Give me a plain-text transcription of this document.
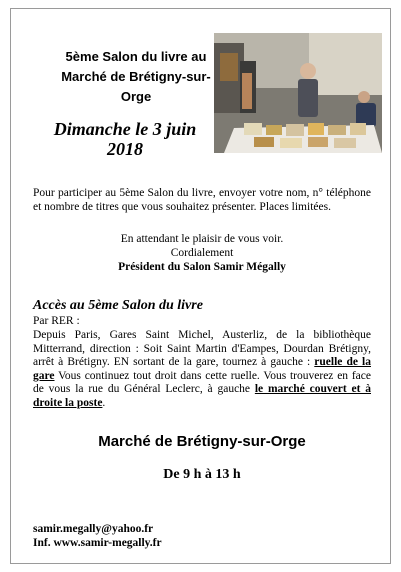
5ème Salon du livre au
Marché de Brétigny-sur-
Orge
Dimanche le 3 juin
2018
Pour participer au 5ème Salon du livre, envoyer votre nom, n° téléphone et nombre de titres que vous souhaitez présenter. Places limitées.
En attendant le plaisir de vous voir.
Cordialement
Président du Salon Samir Mégally
Accès au 5ème Salon du livre
Par RER :
Depuis Paris, Gares Saint Michel, Austerliz, de la bibliothèque Mitterrand, direction : Soit Saint Martin d'Eampes, Dourdan Brétigny, arrêt à Brétigny. EN sortant de la gare, tournez à gauche : ruelle de la gare Vous continuez tout droit dans cette ruelle. Vous trouverez en face de vous la rue du Général Leclerc, à gauche le marché couvert et à droite la poste.
Marché de Brétigny-sur-Orge
De 9 h à 13 h
samir.megally@yahoo.fr
Inf. www.samir-megally.fr
